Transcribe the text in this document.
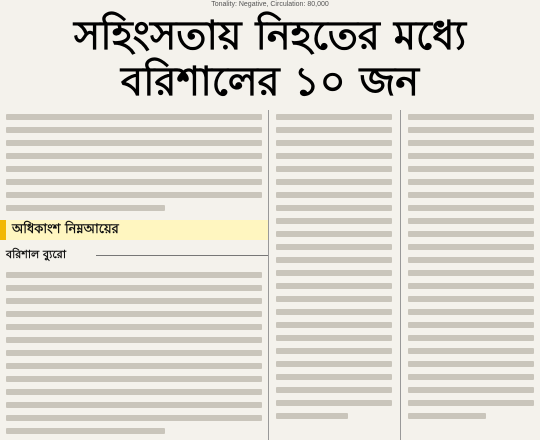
Tonality: Negative, Circulation: 80,000
সহিংসতায় নিহতের মধ্যে
বরিশালের ১০ জন
অধিকাংশ নিম্নআয়ের
বরিশাল ব্যুরো
